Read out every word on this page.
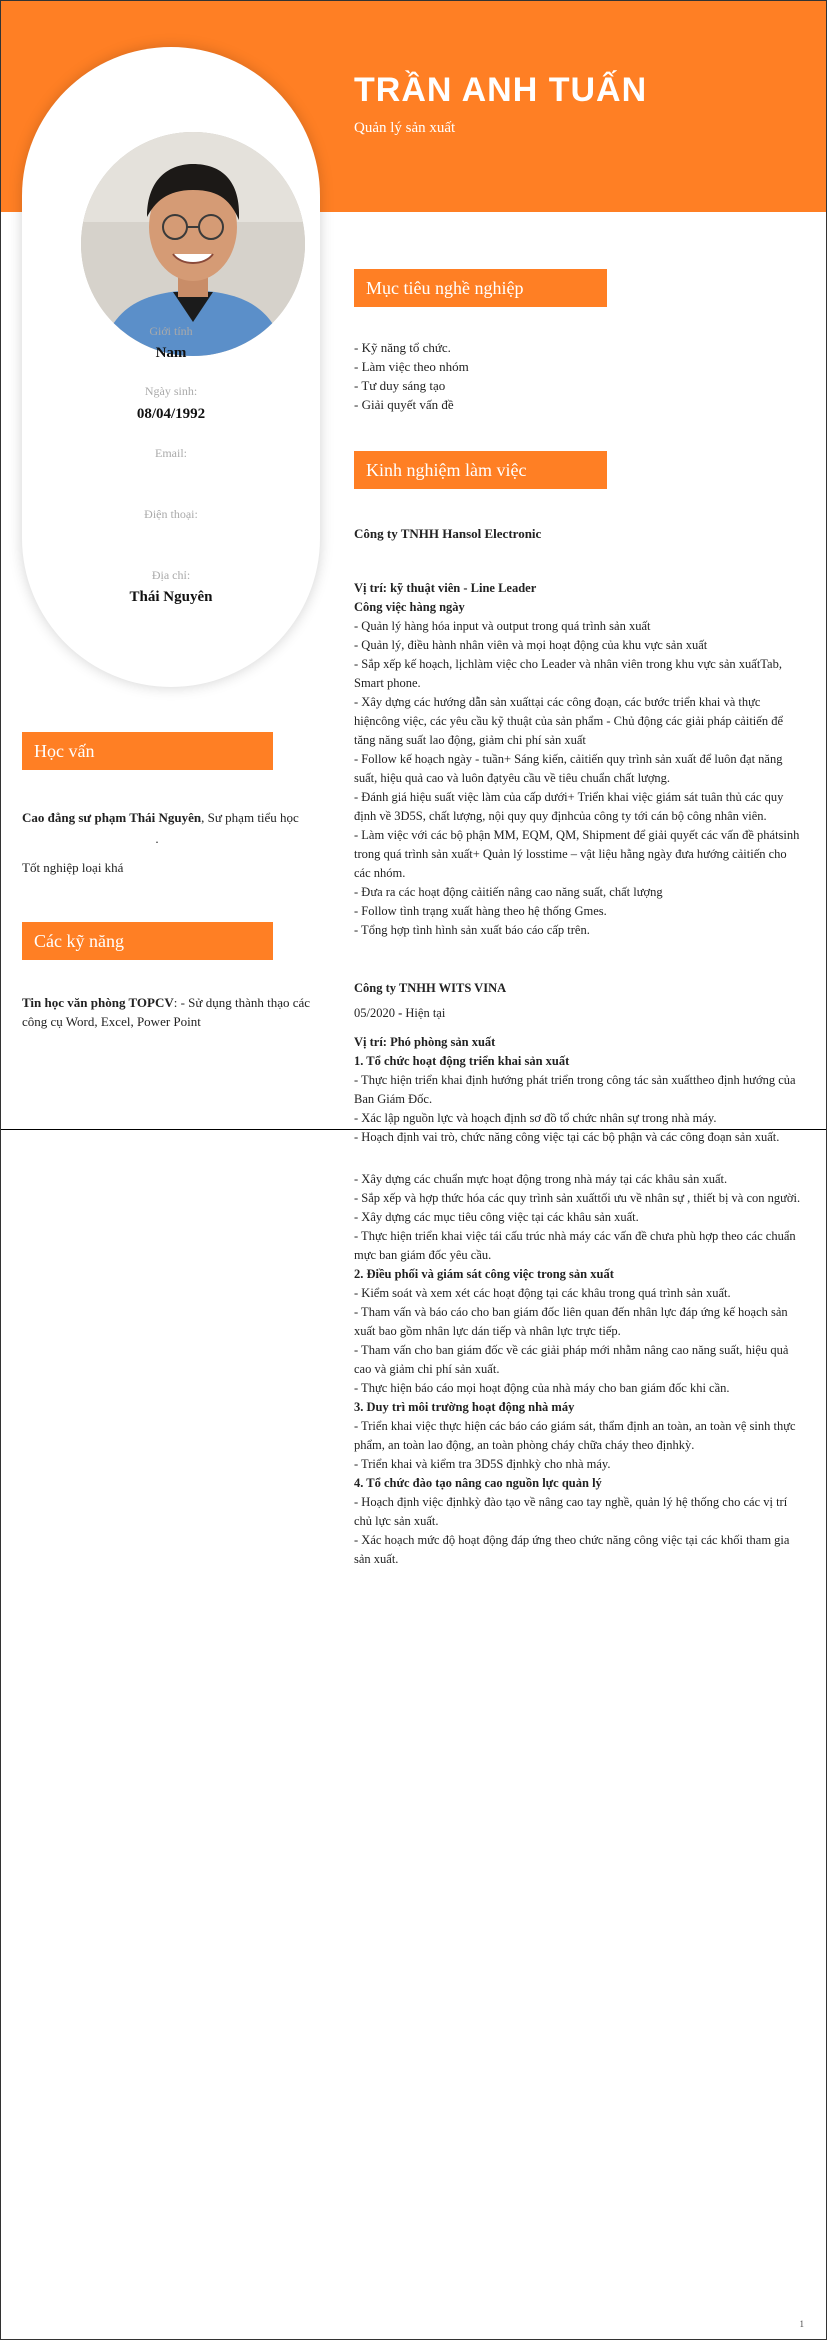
TRẦN ANH TUẤN
Quản lý sản xuất
Giới tính
Nam
Ngày sinh:
08/04/1992
Email:
Điện thoại:
Địa chỉ:
Thái Nguyên
Học vấn
Cao đẳng sư phạm Thái Nguyên, Sư phạm tiểu học
.
Tốt nghiệp loại khá
Các kỹ năng
Tin học văn phòng TOPCV: - Sử dụng thành thạo các công cụ Word, Excel, Power Point
Mục tiêu nghề nghiệp
- Kỹ năng tổ chức.
- Làm việc theo nhóm
- Tư duy sáng tạo
- Giải quyết vấn đề
Kinh nghiệm làm việc
Công ty TNHH Hansol Electronic

Vị trí: kỹ thuật viên - Line Leader

Công việc hàng ngày

- Quản lý hàng hóa input và output trong quá trình sản xuất

- Quản lý, điều hành nhân viên và mọi hoạt động của khu vực sản xuất

- Sắp xếp kế hoạch, lịchlàm việc cho Leader và nhân viên trong khu vực sản xuấtTab, Smart phone.

- Xây dựng các hướng dẫn sản xuấttại các công đoạn, các bước triển khai và thực hiệncông việc, các yêu cầu kỹ thuật của sản phẩm - Chủ động các giải pháp cảitiến để tăng năng suất lao động, giảm chi phí sản xuất

- Follow kế hoạch ngày - tuần+ Sáng kiến, cảitiến quy trình sản xuất để luôn đạt năng suất, hiệu quả cao và luôn đạtyêu cầu về tiêu chuẩn chất lượng.

- Đánh giá hiệu suất việc làm của cấp dưới+ Triển khai việc giám sát tuân thủ các quy định về 3D5S, chất lượng, nội quy quy địnhcủa công ty tới cán bộ công nhân viên.

- Làm việc với các bộ phận MM, EQM, QM, Shipment để giải quyết các vấn đề phátsinh trong quá trình sản xuất+ Quản lý losstime – vật liệu hằng ngày đưa hướng cảitiến cho các nhóm.

- Đưa ra các hoạt động cảitiến nâng cao năng suất, chất lượng

- Follow tình trạng xuất hàng theo hệ thống Gmes.

- Tổng hợp tình hình sản xuất báo cáo cấp trên.

Công ty TNHH WITS VINA
05/2020 - Hiện tại

Vị trí: Phó phòng sản xuất

1. Tổ chức hoạt động triển khai sản xuất

- Thực hiện triển khai định hướng phát triển trong công tác sản xuấttheo định hướng của Ban Giám Đốc.

- Xác lập nguồn lực và hoạch định sơ đồ tổ chức nhân sự trong nhà máy.

- Hoạch định vai trò, chức năng công việc tại các bộ phận và các công đoạn sản xuất.

- Xây dựng các chuẩn mực hoạt động trong nhà máy tại các khâu sản xuất.

- Sắp xếp và hợp thức hóa các quy trình sản xuấttối ưu về nhân sự , thiết bị và con người.

- Xây dựng các mục tiêu công việc tại các khâu sản xuất.

- Thực hiện triển khai việc tái cấu trúc nhà máy các vấn đề chưa phù hợp theo các chuẩn mực ban giám đốc yêu cầu.

2. Điều phối và giám sát công việc trong sản xuất

- Kiểm soát và xem xét các hoạt động tại các khâu trong quá trình sản xuất.

- Tham vấn và báo cáo cho ban giám đốc liên quan đến nhân lực đáp ứng kế hoạch sản xuất bao gồm nhân lực dán tiếp và nhân lực trực tiếp.

- Tham vấn cho ban giám đốc về các giải pháp mới nhằm nâng cao năng suất, hiệu quả cao và giảm chi phí sản xuất.

- Thực hiện báo cáo mọi hoạt động của nhà máy cho ban giám đốc khi cần.

3. Duy trì môi trường hoạt động nhà máy

- Triển khai việc thực hiện các báo cáo giám sát, thẩm định an toàn, an toàn vệ sinh thực phẩm, an toàn lao động, an toàn phòng cháy chữa cháy theo địnhkỳ.

- Triển khai và kiểm tra 3D5S địnhkỳ cho nhà máy.

4. Tổ chức đào tạo nâng cao nguồn lực quản lý

- Hoạch định việc địnhkỳ đào tạo về nâng cao tay nghề, quản lý hệ thống cho các vị trí chủ lực sản xuất.

- Xác hoạch mức độ hoạt động đáp ứng theo chức năng công việc tại các khối tham gia sản xuất.

1
